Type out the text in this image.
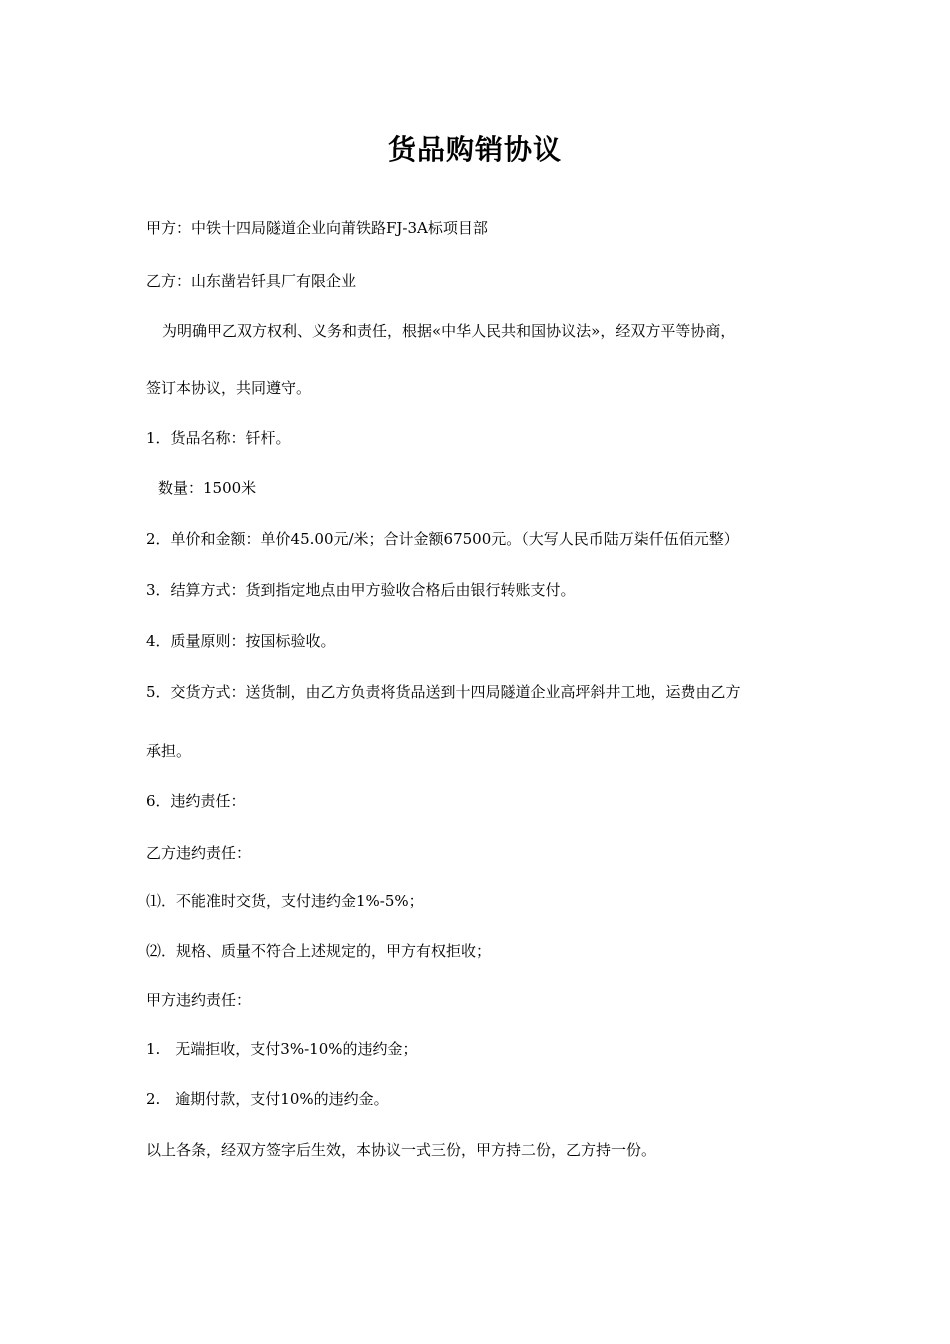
货品购销协议
甲方：中铁十四局隧道企业向莆铁路FJ-3A标项目部
乙方：山东凿岩钎具厂有限企业
为明确甲乙双方权利、义务和责任，根据«中华人民共和国协议法»，经双方平等协商，
签订本协议，共同遵守。
1．货品名称：钎杆。
数量：1500米
2．单价和金额：单价45.00元/米；合计金额67500元。（大写人民币陆万柒仟伍佰元整）
3．结算方式：货到指定地点由甲方验收合格后由银行转账支付。
4．质量原则：按国标验收。
5．交货方式：送货制，由乙方负责将货品送到十四局隧道企业高坪斜井工地，运费由乙方
承担。
6．违约责任：
乙方违约责任：
⑴．不能准时交货，支付违约金1%-5%；
⑵．规格、质量不符合上述规定的，甲方有权拒收；
甲方违约责任：
1.　无端拒收，支付3%-10%的违约金；
2.　逾期付款，支付10%的违约金。
以上各条，经双方签字后生效，本协议一式三份，甲方持二份，乙方持一份。
